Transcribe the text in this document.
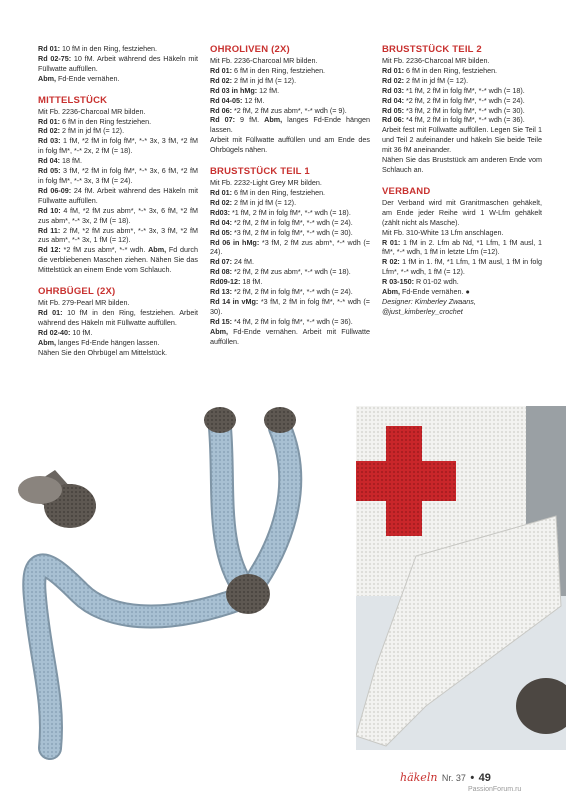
Rd 01: 10 fM in den Ring, festziehen.

Rd 02-75: 10 fM. Arbeit während des Häkeln mit Füllwatte auffüllen.

Abm, Fd-Ende vernähen.

MITTELSTÜCK

Mit Fb. 2236-Charcoal MR bilden.

Rd 01: 6 fM in den Ring festziehen.

Rd 02: 2 fM in jd fM (= 12).

Rd 03: 1 fM, *2 fM in folg fM*, *-* 3x, 3 fM, *2 fM in folg fM*, *-* 2x, 2 fM (= 18).

Rd 04: 18 fM.

Rd 05: 3 fM, *2 fM in folg fM*, *-* 3x, 6 fM, *2 fM in folg fM*, *-* 3x, 3 fM (= 24).

Rd 06-09: 24 fM. Arbeit während des Häkeln mit Füllwatte auffüllen.

Rd 10: 4 fM, *2 fM zus abm*, *-* 3x, 6 fM, *2 fM zus abm*, *-* 3x, 2 fM (= 18).

Rd 11: 2 fM, *2 fM zus abm*, *-* 3x, 3 fM, *2 fM zus abm*, *-* 3x, 1 fM (= 12).

Rd 12: *2 fM zus abm*, *-* wdh. Abm, Fd durch die verbliebenen Maschen ziehen. Nähen Sie das Mittelstück an einem Ende vom Schlauch.

OHRBÜGEL (2X)

Mit Fb. 279-Pearl MR bilden.

Rd 01: 10 fM in den Ring, festziehen. Arbeit während des Häkeln mit Füllwatte auffüllen.

Rd 02-40: 10 fM.

Abm, langes Fd-Ende hängen lassen.

Nähen Sie den Ohrbügel am Mittelstück.

OHROLIVEN (2X)

Mit Fb. 2236-Charcoal MR bilden.

Rd 01: 6 fM in den Ring, festziehen.

Rd 02: 2 fM in jd fM (= 12).

Rd 03 in hMg: 12 fM.

Rd 04-05: 12 fM.

Rd 06: *2 fM, 2 fM zus abm*, *-* wdh (= 9).

Rd 07: 9 fM. Abm, langes Fd-Ende hängen lassen.

Arbeit mit Füllwatte auffüllen und am Ende des Ohrbügels nähen.

BRUSTSTÜCK TEIL 1

Mit Fb. 2232-Light Grey MR bilden.

Rd 01: 6 fM in den Ring, festziehen.

Rd 02: 2 fM in jd fM (= 12).

Rd03: *1 fM, 2 fM in folg fM*, *-* wdh (= 18).

Rd 04: *2 fM, 2 fM in folg fM*, *-* wdh (= 24).

Rd 05: *3 fM, 2 fM in folg fM*, *-* wdh (= 30).

Rd 06 in hMg: *3 fM, 2 fM zus abm*, *-* wdh (= 24).

Rd 07: 24 fM.

Rd 08: *2 fM, 2 fM zus abm*, *-* wdh (= 18).

Rd09-12: 18 fM.

Rd 13: *2 fM, 2 fM in folg fM*, *-* wdh (= 24).

Rd 14 in vMg: *3 fM, 2 fM in folg fM*, *-* wdh (= 30).

Rd 15: *4 fM, 2 fM in folg fM*, *-* wdh (= 36).

Abm, Fd-Ende vernähen. Arbeit mit Füllwatte auffüllen.

BRUSTSTÜCK TEIL 2

Mit Fb. 2236-Charcoal MR bilden.

Rd 01: 6 fM in den Ring, festziehen.

Rd 02: 2 fM in jd fM (= 12).

Rd 03: *1 fM, 2 fM in folg fM*, *-* wdh (= 18).

Rd 04: *2 fM, 2 fM in folg fM*, *-* wdh (= 24).

Rd 05: *3 fM, 2 fM in folg fM*, *-* wdh (= 30).

Rd 06: *4 fM, 2 fM in folg fM*, *-* wdh (= 36).

Arbeit fest mit Füllwatte auffüllen. Legen Sie Teil 1 und Teil 2 aufeinander und häkeln Sie beide Teile mit 36 fM aneinander.

Nähen Sie das Bruststück am anderen Ende vom Schlauch an.

VERBAND

Der Verband wird mit Granitmaschen gehäkelt, am Ende jeder Reihe wird 1 W-Lfm gehäkelt (zählt nicht als Masche).

Mit Fb. 310-White 13 Lfm anschlagen.

R 01: 1 fM in 2. Lfm ab Nd, *1 Lfm, 1 fM ausl, 1 fM*, *-* wdh, 1 fM in letzte Lfm (=12).

R 02: 1 fM in 1. fM, *1 Lfm, 1 fM ausl, 1 fM in folg Lfm*, *-* wdh, 1 fM (= 12).

R 03-150: R 01-02 wdh.

Abm, Fd-Ende vernähen. ●

Designer: Kimberley Zwaans,

@just_kimberley_crochet

häkeln Nr. 37 • 49
PassionForum.ru
